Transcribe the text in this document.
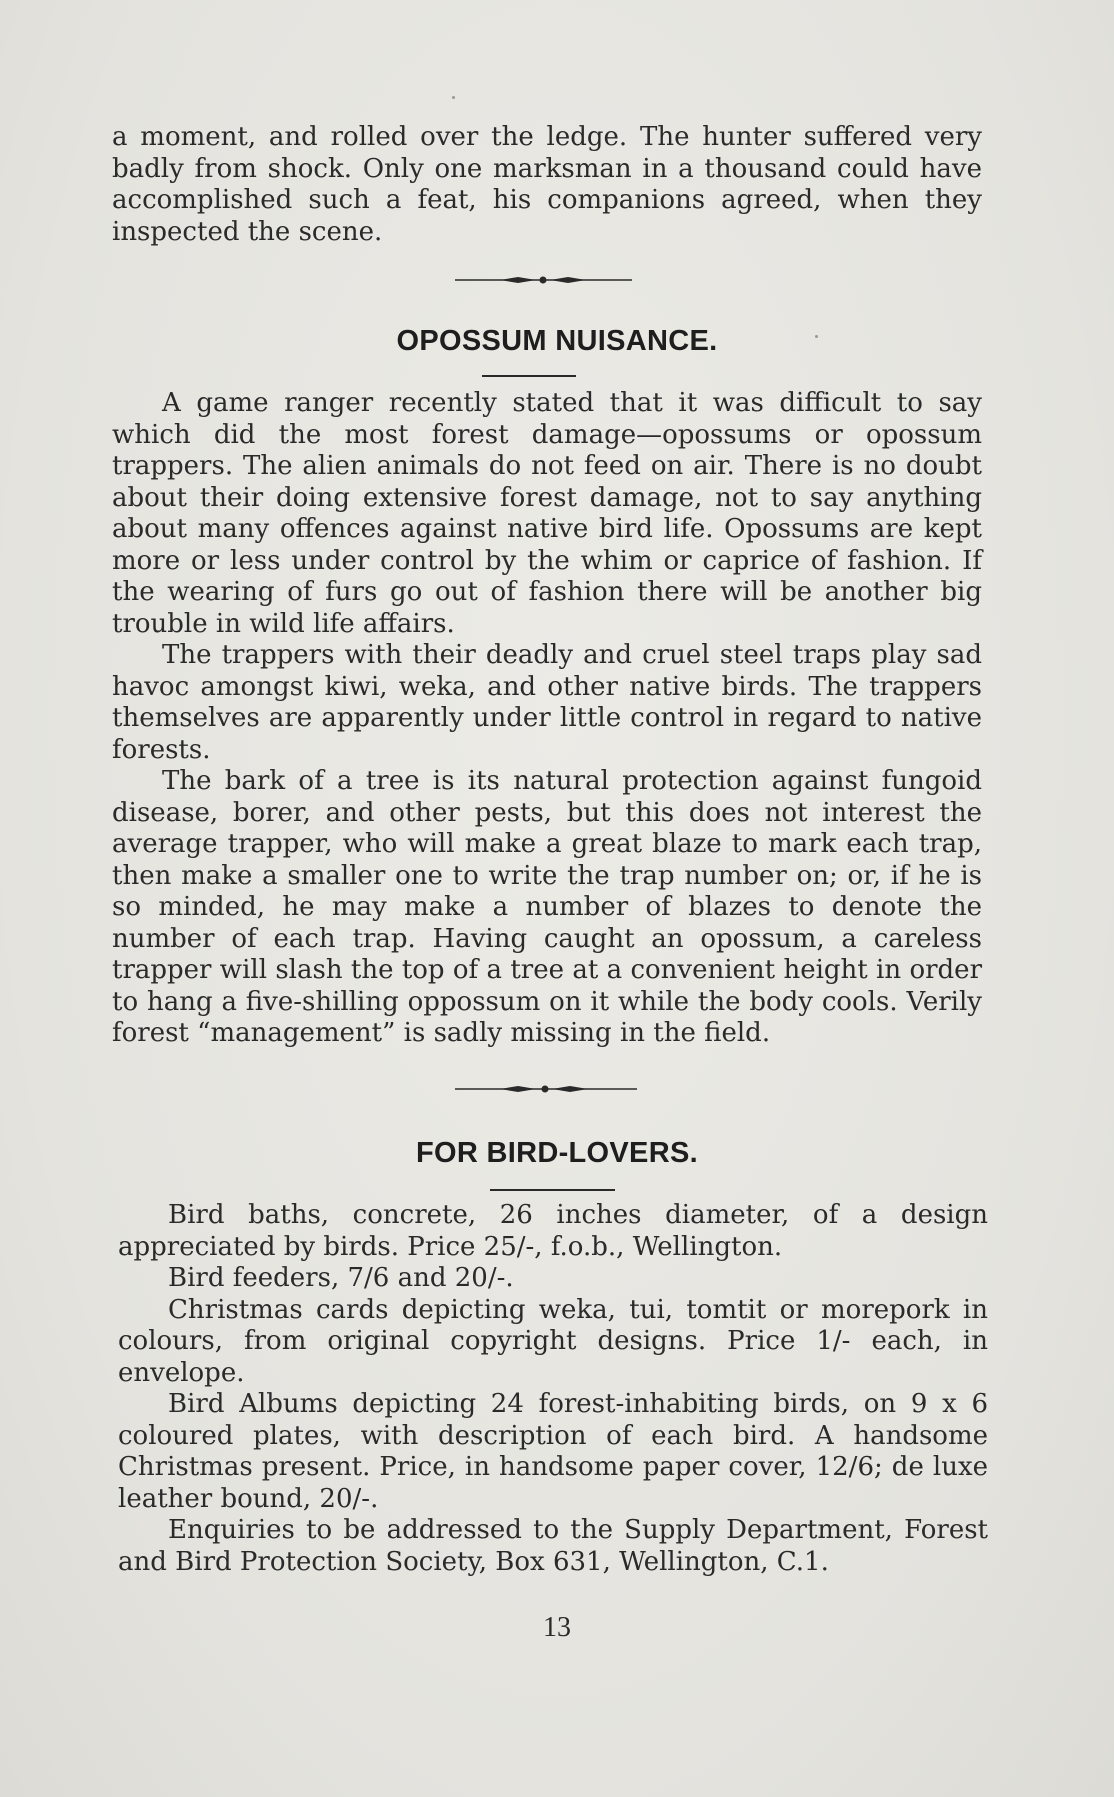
a moment, and rolled over the ledge. The hunter suffered very badly from shock. Only one marksman in a thousand could have accomplished such a feat, his companions agreed, when they inspected the scene.

OPOSSUM NUISANCE.

A game ranger recently stated that it was difficult to say which did the most forest damage—opossums or opossum trappers. The alien animals do not feed on air. There is no doubt about their doing extensive forest damage, not to say anything about many offences against native bird life. Opossums are kept more or less under control by the whim or caprice of fashion. If the wearing of furs go out of fashion there will be another big trouble in wild life affairs.

The trappers with their deadly and cruel steel traps play sad havoc amongst kiwi, weka, and other native birds. The trappers themselves are apparently under little control in regard to native forests.

The bark of a tree is its natural protection against fungoid disease, borer, and other pests, but this does not interest the average trapper, who will make a great blaze to mark each trap, then make a smaller one to write the trap number on; or, if he is so minded, he may make a number of blazes to denote the number of each trap. Having caught an opossum, a careless trapper will slash the top of a tree at a convenient height in order to hang a five-shilling oppossum on it while the body cools. Verily forest “management” is sadly missing in the field.

FOR BIRD-LOVERS.

Bird baths, concrete, 26 inches diameter, of a design appreciated by birds. Price 25/-, f.o.b., Wellington.

Bird feeders, 7/6 and 20/-.

Christmas cards depicting weka, tui, tomtit or morepork in colours, from original copyright designs. Price 1/- each, in envelope.

Bird Albums depicting 24 forest-inhabiting birds, on 9 x 6 coloured plates, with description of each bird. A handsome Christmas present. Price, in handsome paper cover, 12/6; de luxe leather bound, 20/-.

Enquiries to be addressed to the Supply Department, Forest and Bird Protection Society, Box 631, Wellington, C.1.

13
